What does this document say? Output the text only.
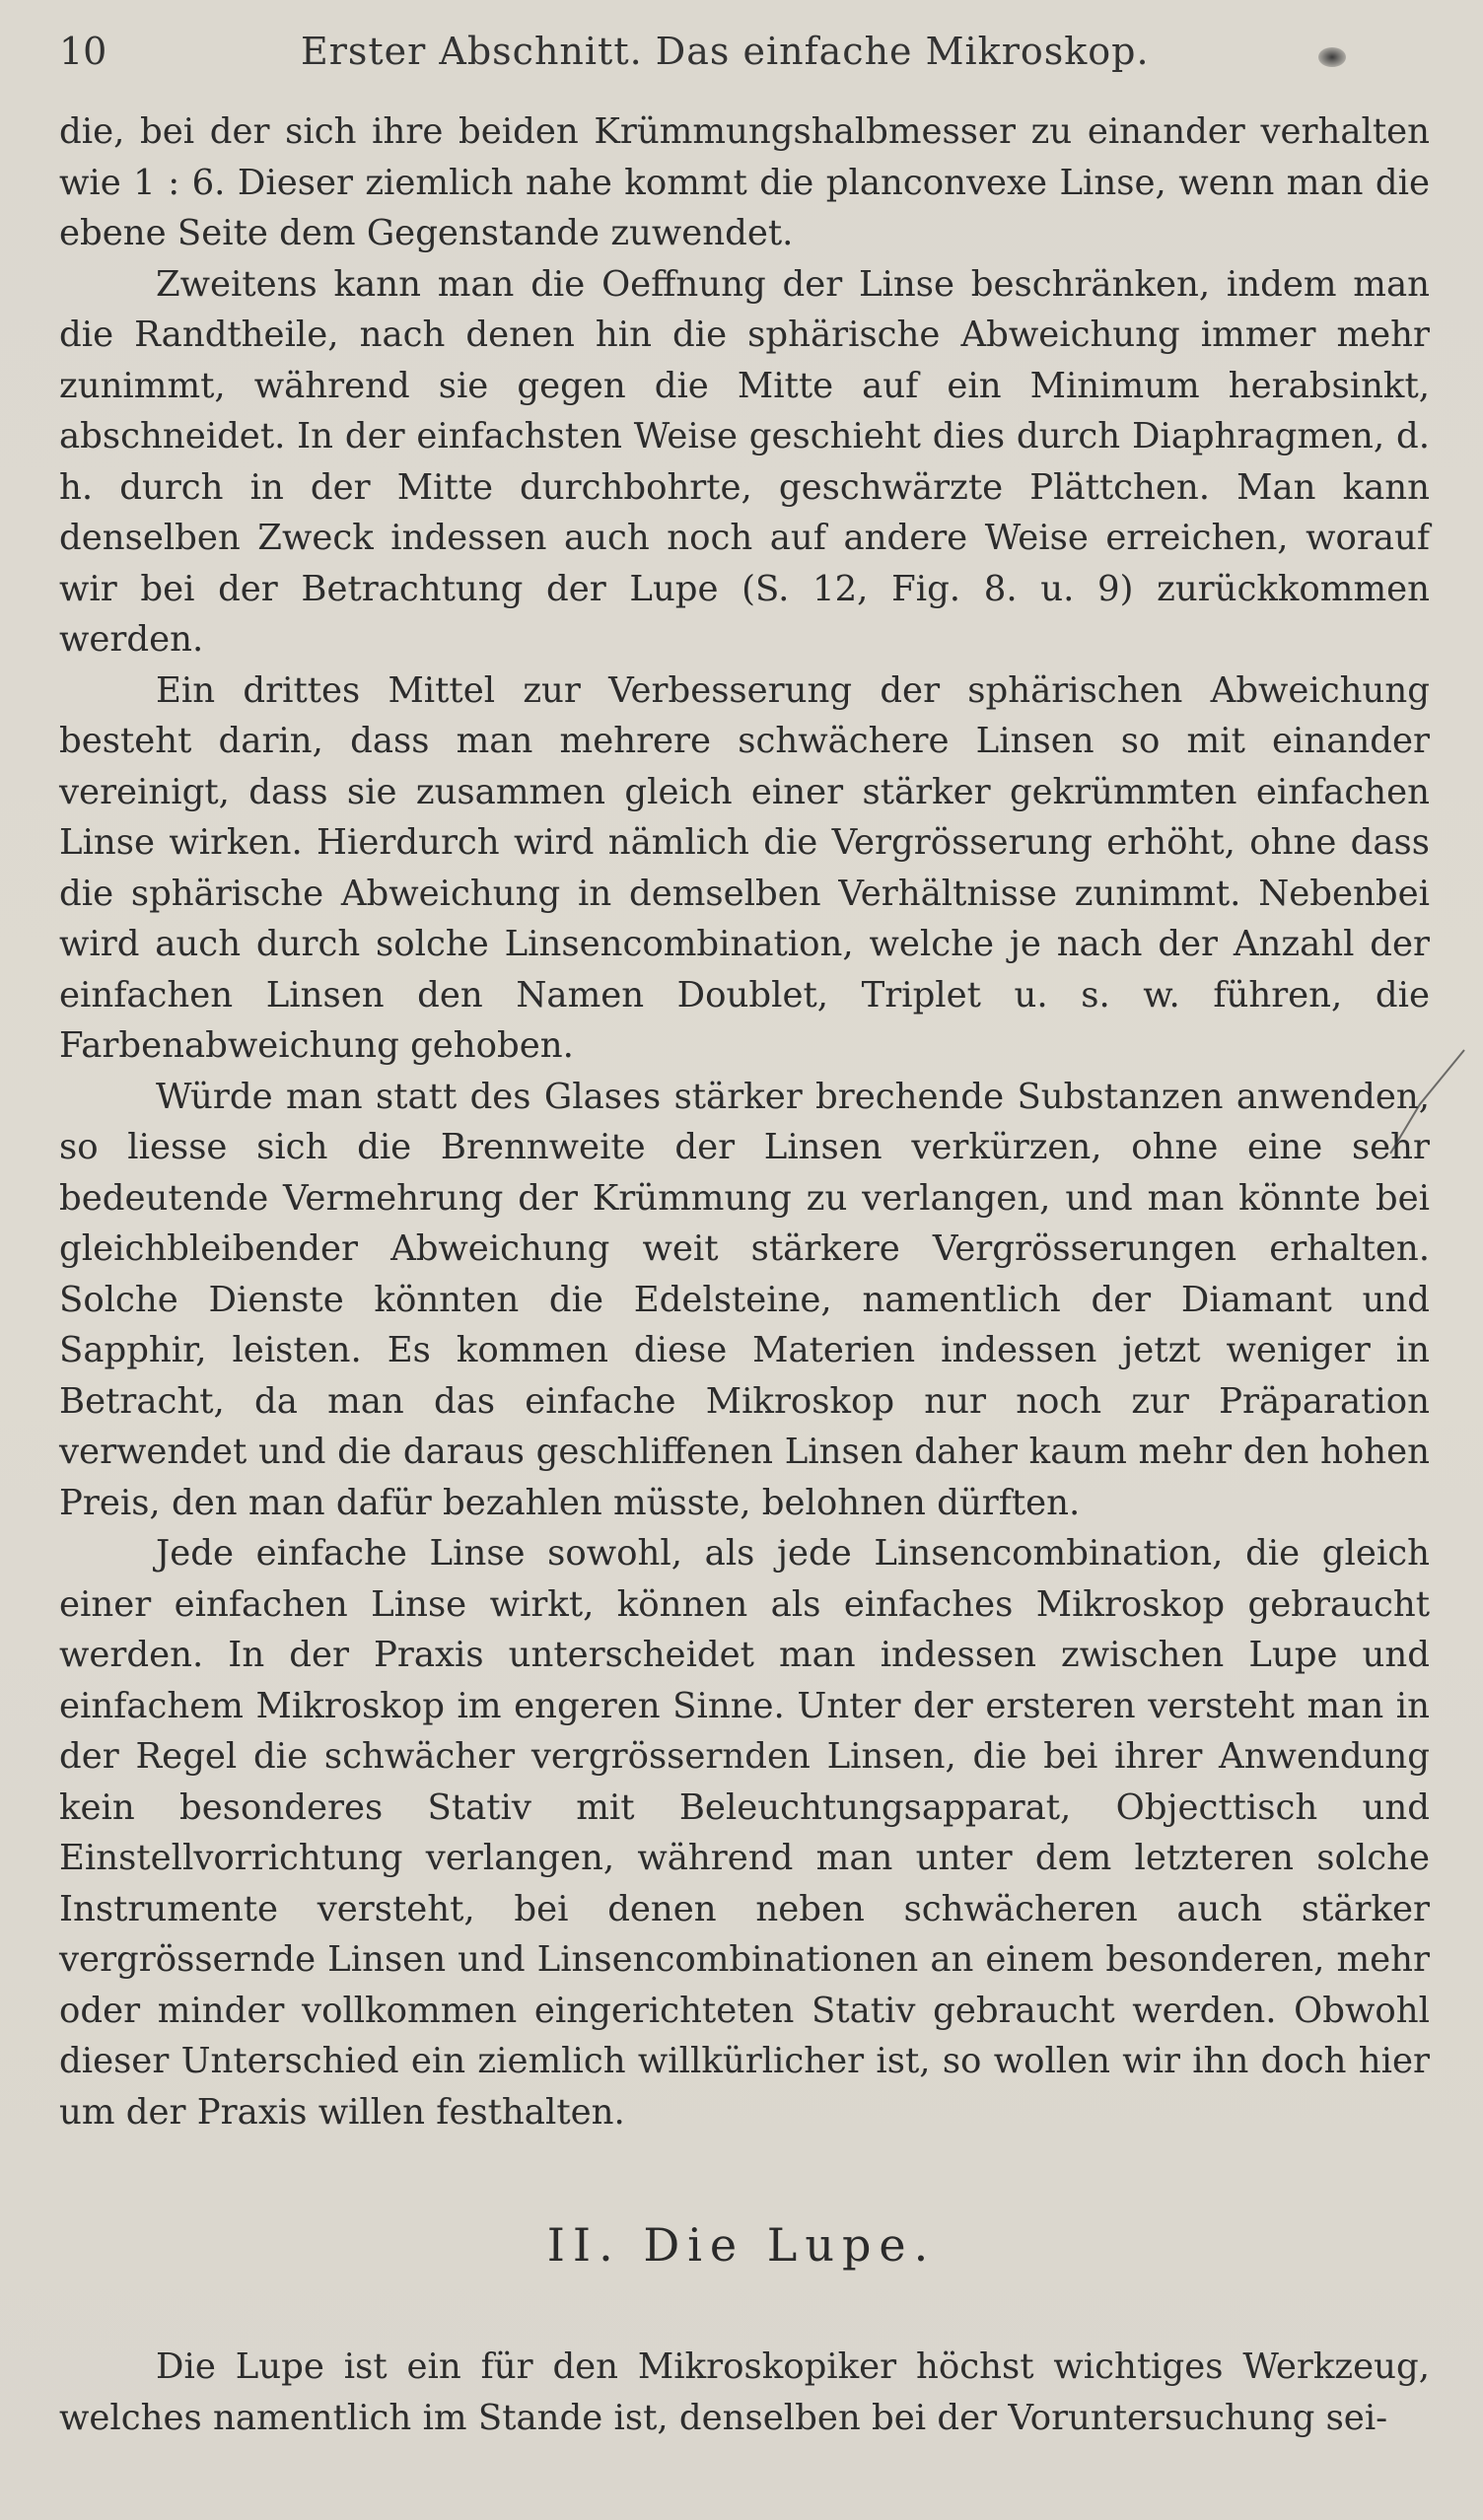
10	Erster Abschnitt. Das einfache Mikroskop.

die, bei der sich ihre beiden Krümmungshalbmesser zu einander verhalten wie 1 : 6. Dieser ziemlich nahe kommt die planconvexe Linse, wenn man die ebene Seite dem Gegenstande zuwendet.

Zweitens kann man die Oeffnung der Linse beschränken, indem man die Randtheile, nach denen hin die sphärische Abweichung immer mehr zunimmt, während sie gegen die Mitte auf ein Minimum herabsinkt, abschneidet. In der einfachsten Weise geschieht dies durch Diaphragmen, d. h. durch in der Mitte durchbohrte, geschwärzte Plättchen. Man kann denselben Zweck indessen auch noch auf andere Weise erreichen, worauf wir bei der Betrachtung der Lupe (S. 12, Fig. 8. u. 9) zurückkommen werden.

Ein drittes Mittel zur Verbesserung der sphärischen Abweichung besteht darin, dass man mehrere schwächere Linsen so mit einander vereinigt, dass sie zusammen gleich einer stärker gekrümmten einfachen Linse wirken. Hierdurch wird nämlich die Vergrösserung erhöht, ohne dass die sphärische Abweichung in demselben Verhältnisse zunimmt. Nebenbei wird auch durch solche Linsencombination, welche je nach der Anzahl der einfachen Linsen den Namen Doublet, Triplet u. s. w. führen, die Farbenabweichung gehoben.

Würde man statt des Glases stärker brechende Substanzen anwenden, so liesse sich die Brennweite der Linsen verkürzen, ohne eine sehr bedeutende Vermehrung der Krümmung zu verlangen, und man könnte bei gleichbleibender Abweichung weit stärkere Vergrösserungen erhalten. Solche Dienste könnten die Edelsteine, namentlich der Diamant und Sapphir, leisten. Es kommen diese Materien indessen jetzt weniger in Betracht, da man das einfache Mikroskop nur noch zur Präparation verwendet und die daraus geschliffenen Linsen daher kaum mehr den hohen Preis, den man dafür bezahlen müsste, belohnen dürften.

Jede einfache Linse sowohl, als jede Linsencombination, die gleich einer einfachen Linse wirkt, können als einfaches Mikroskop gebraucht werden. In der Praxis unterscheidet man indessen zwischen Lupe und einfachem Mikroskop im engeren Sinne. Unter der ersteren versteht man in der Regel die schwächer vergrössernden Linsen, die bei ihrer Anwendung kein besonderes Stativ mit Beleuchtungsapparat, Objecttisch und Einstellvorrichtung verlangen, während man unter dem letzteren solche Instrumente versteht, bei denen neben schwächeren auch stärker vergrössernde Linsen und Linsencombinationen an einem besonderen, mehr oder minder vollkommen eingerichteten Stativ gebraucht werden. Obwohl dieser Unterschied ein ziemlich willkürlicher ist, so wollen wir ihn doch hier um der Praxis willen festhalten.

II. Die Lupe.

Die Lupe ist ein für den Mikroskopiker höchst wichtiges Werkzeug, welches namentlich im Stande ist, denselben bei der Voruntersuchung sei-
